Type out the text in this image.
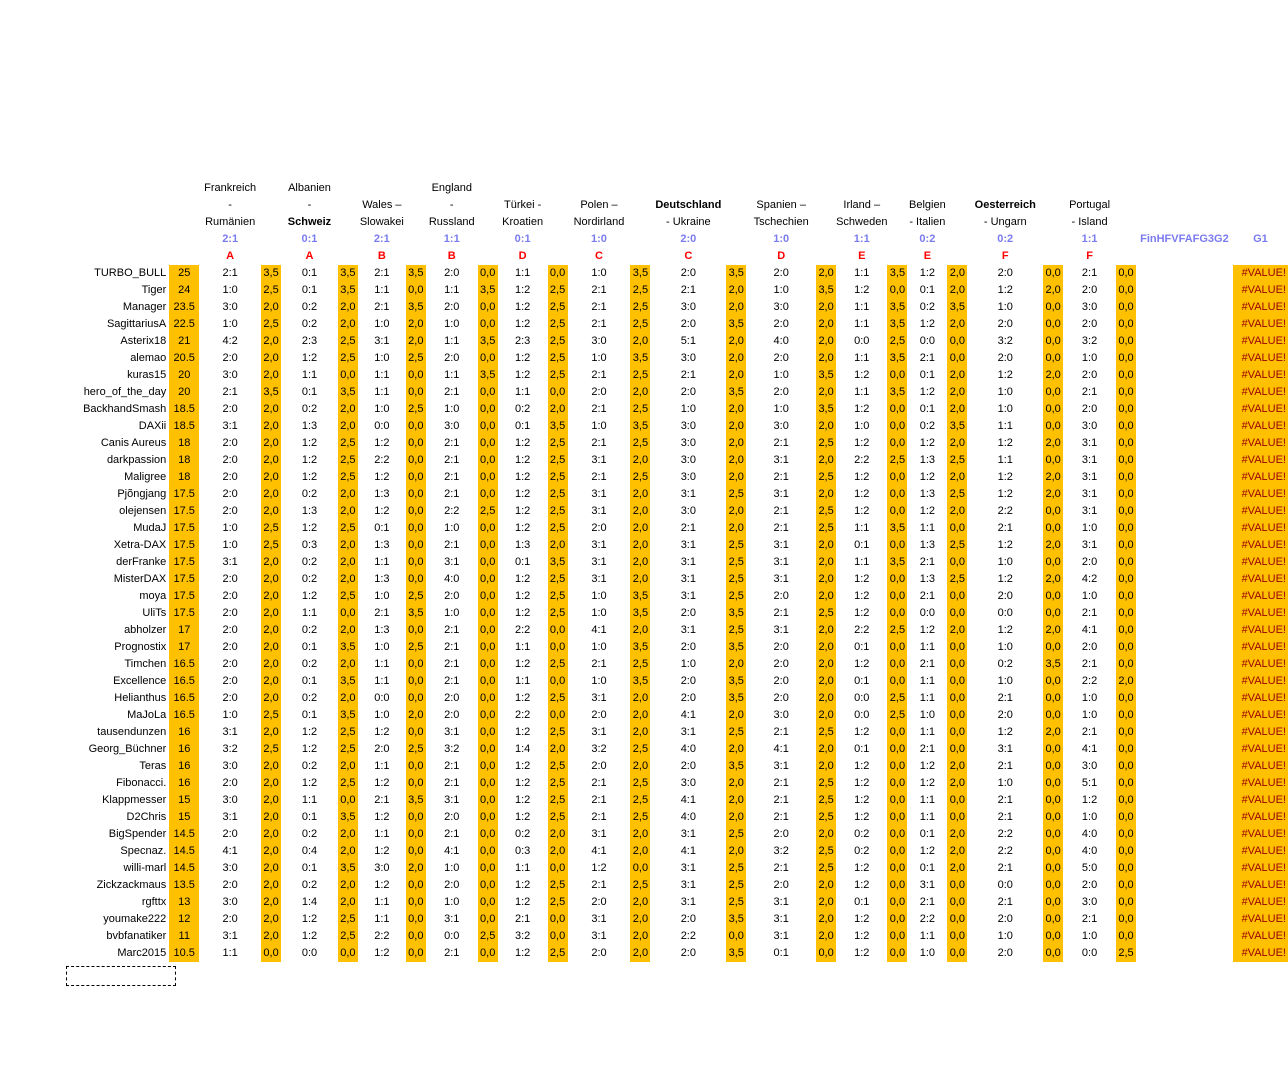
		Frankreich		Albanien				England																			
		-		-		Wales –		-		Türkei -		Polen –		Deutschland		Spanien –		Irland –		Belgien		Oesterreich		Portugal			
		Rumänien		Schweiz		Slowakei		Russland		Kroatien		Nordirland		- Ukraine		Tschechien		Schweden		- Italien		- Ungarn		- Island			
		2:1		0:1		2:1		1:1		0:1		1:0		2:0		1:0		1:1		0:2		0:2		1:1		FinHFVFAFG3G2	G1
		A		A		B		B		D		C		C		D		E		E		F		F			
TURBO_BULL	25	2:1	3,5	0:1	3,5	2:1	3,5	2:0	0,0	1:1	0,0	1:0	3,5	2:0	3,5	2:0	2,0	1:1	3,5	1:2	2,0	2:0	0,0	2:1	0,0		#VALUE!
Tiger	24	1:0	2,5	0:1	3,5	1:1	0,0	1:1	3,5	1:2	2,5	2:1	2,5	2:1	2,0	1:0	3,5	1:2	0,0	0:1	2,0	1:2	2,0	2:0	0,0		#VALUE!
Manager	23.5	3:0	2,0	0:2	2,0	2:1	3,5	2:0	0,0	1:2	2,5	2:1	2,5	3:0	2,0	3:0	2,0	1:1	3,5	0:2	3,5	1:0	0,0	3:0	0,0		#VALUE!
SagittariusA	22.5	1:0	2,5	0:2	2,0	1:0	2,0	1:0	0,0	1:2	2,5	2:1	2,5	2:0	3,5	2:0	2,0	1:1	3,5	1:2	2,0	2:0	0,0	2:0	0,0		#VALUE!
Asterix18	21	4:2	2,0	2:3	2,5	3:1	2,0	1:1	3,5	2:3	2,5	3:0	2,0	5:1	2,0	4:0	2,0	0:0	2,5	0:0	0,0	3:2	0,0	3:2	0,0		#VALUE!
alemao	20.5	2:0	2,0	1:2	2,5	1:0	2,5	2:0	0,0	1:2	2,5	1:0	3,5	3:0	2,0	2:0	2,0	1:1	3,5	2:1	0,0	2:0	0,0	1:0	0,0		#VALUE!
kuras15	20	3:0	2,0	1:1	0,0	1:1	0,0	1:1	3,5	1:2	2,5	2:1	2,5	2:1	2,0	1:0	3,5	1:2	0,0	0:1	2,0	1:2	2,0	2:0	0,0		#VALUE!
hero_of_the_day	20	2:1	3,5	0:1	3,5	1:1	0,0	2:1	0,0	1:1	0,0	2:0	2,0	2:0	3,5	2:0	2,0	1:1	3,5	1:2	2,0	1:0	0,0	2:1	0,0		#VALUE!
BackhandSmash	18.5	2:0	2,0	0:2	2,0	1:0	2,5	1:0	0,0	0:2	2,0	2:1	2,5	1:0	2,0	1:0	3,5	1:2	0,0	0:1	2,0	1:0	0,0	2:0	0,0		#VALUE!
DAXii	18.5	3:1	2,0	1:3	2,0	0:0	0,0	3:0	0,0	0:1	3,5	1:0	3,5	3:0	2,0	3:0	2,0	1:0	0,0	0:2	3,5	1:1	0,0	3:0	0,0		#VALUE!
Canis Aureus	18	2:0	2,0	1:2	2,5	1:2	0,0	2:1	0,0	1:2	2,5	2:1	2,5	3:0	2,0	2:1	2,5	1:2	0,0	1:2	2,0	1:2	2,0	3:1	0,0		#VALUE!
darkpassion	18	2:0	2,0	1:2	2,5	2:2	0,0	2:1	0,0	1:2	2,5	3:1	2,0	3:0	2,0	3:1	2,0	2:2	2,5	1:3	2,5	1:1	0,0	3:1	0,0		#VALUE!
Maligree	18	2:0	2,0	1:2	2,5	1:2	0,0	2:1	0,0	1:2	2,5	2:1	2,5	3:0	2,0	2:1	2,5	1:2	0,0	1:2	2,0	1:2	2,0	3:1	0,0		#VALUE!
Pjõngjang	17.5	2:0	2,0	0:2	2,0	1:3	0,0	2:1	0,0	1:2	2,5	3:1	2,0	3:1	2,5	3:1	2,0	1:2	0,0	1:3	2,5	1:2	2,0	3:1	0,0		#VALUE!
olejensen	17.5	2:0	2,0	1:3	2,0	1:2	0,0	2:2	2,5	1:2	2,5	3:1	2,0	3:0	2,0	2:1	2,5	1:2	0,0	1:2	2,0	2:2	0,0	3:1	0,0		#VALUE!
MudaJ	17.5	1:0	2,5	1:2	2,5	0:1	0,0	1:0	0,0	1:2	2,5	2:0	2,0	2:1	2,0	2:1	2,5	1:1	3,5	1:1	0,0	2:1	0,0	1:0	0,0		#VALUE!
Xetra-DAX	17.5	1:0	2,5	0:3	2,0	1:3	0,0	2:1	0,0	1:3	2,0	3:1	2,0	3:1	2,5	3:1	2,0	0:1	0,0	1:3	2,5	1:2	2,0	3:1	0,0		#VALUE!
derFranke	17.5	3:1	2,0	0:2	2,0	1:1	0,0	3:1	0,0	0:1	3,5	3:1	2,0	3:1	2,5	3:1	2,0	1:1	3,5	2:1	0,0	1:0	0,0	2:0	0,0		#VALUE!
MisterDAX	17.5	2:0	2,0	0:2	2,0	1:3	0,0	4:0	0,0	1:2	2,5	3:1	2,0	3:1	2,5	3:1	2,0	1:2	0,0	1:3	2,5	1:2	2,0	4:2	0,0		#VALUE!
moya	17.5	2:0	2,0	1:2	2,5	1:0	2,5	2:0	0,0	1:2	2,5	1:0	3,5	3:1	2,5	2:0	2,0	1:2	0,0	2:1	0,0	2:0	0,0	1:0	0,0		#VALUE!
UliTs	17.5	2:0	2,0	1:1	0,0	2:1	3,5	1:0	0,0	1:2	2,5	1:0	3,5	2:0	3,5	2:1	2,5	1:2	0,0	0:0	0,0	0:0	0,0	2:1	0,0		#VALUE!
abholzer	17	2:0	2,0	0:2	2,0	1:3	0,0	2:1	0,0	2:2	0,0	4:1	2,0	3:1	2,5	3:1	2,0	2:2	2,5	1:2	2,0	1:2	2,0	4:1	0,0		#VALUE!
Prognostix	17	2:0	2,0	0:1	3,5	1:0	2,5	2:1	0,0	1:1	0,0	1:0	3,5	2:0	3,5	2:0	2,0	0:1	0,0	1:1	0,0	1:0	0,0	2:0	0,0		#VALUE!
Timchen	16.5	2:0	2,0	0:2	2,0	1:1	0,0	2:1	0,0	1:2	2,5	2:1	2,5	1:0	2,0	2:0	2,0	1:2	0,0	2:1	0,0	0:2	3,5	2:1	0,0		#VALUE!
Excellence	16.5	2:0	2,0	0:1	3,5	1:1	0,0	2:1	0,0	1:1	0,0	1:0	3,5	2:0	3,5	2:0	2,0	0:1	0,0	1:1	0,0	1:0	0,0	2:2	2,0		#VALUE!
Helianthus	16.5	2:0	2,0	0:2	2,0	0:0	0,0	2:0	0,0	1:2	2,5	3:1	2,0	2:0	3,5	2:0	2,0	0:0	2,5	1:1	0,0	2:1	0,0	1:0	0,0		#VALUE!
MaJoLa	16.5	1:0	2,5	0:1	3,5	1:0	2,0	2:0	0,0	2:2	0,0	2:0	2,0	4:1	2,0	3:0	2,0	0:0	2,5	1:0	0,0	2:0	0,0	1:0	0,0		#VALUE!
tausendunzen	16	3:1	2,0	1:2	2,5	1:2	0,0	3:1	0,0	1:2	2,5	3:1	2,0	3:1	2,5	2:1	2,5	1:2	0,0	1:1	0,0	1:2	2,0	2:1	0,0		#VALUE!
Georg_Büchner	16	3:2	2,5	1:2	2,5	2:0	2,5	3:2	0,0	1:4	2,0	3:2	2,5	4:0	2,0	4:1	2,0	0:1	0,0	2:1	0,0	3:1	0,0	4:1	0,0		#VALUE!
Teras	16	3:0	2,0	0:2	2,0	1:1	0,0	2:1	0,0	1:2	2,5	2:0	2,0	2:0	3,5	3:1	2,0	1:2	0,0	1:2	2,0	2:1	0,0	3:0	0,0		#VALUE!
Fibonacci.	16	2:0	2,0	1:2	2,5	1:2	0,0	2:1	0,0	1:2	2,5	2:1	2,5	3:0	2,0	2:1	2,5	1:2	0,0	1:2	2,0	1:0	0,0	5:1	0,0		#VALUE!
Klappmesser	15	3:0	2,0	1:1	0,0	2:1	3,5	3:1	0,0	1:2	2,5	2:1	2,5	4:1	2,0	2:1	2,5	1:2	0,0	1:1	0,0	2:1	0,0	1:2	0,0		#VALUE!
D2Chris	15	3:1	2,0	0:1	3,5	1:2	0,0	2:0	0,0	1:2	2,5	2:1	2,5	4:0	2,0	2:1	2,5	1:2	0,0	1:1	0,0	2:1	0,0	1:0	0,0		#VALUE!
BigSpender	14.5	2:0	2,0	0:2	2,0	1:1	0,0	2:1	0,0	0:2	2,0	3:1	2,0	3:1	2,5	2:0	2,0	0:2	0,0	0:1	2,0	2:2	0,0	4:0	0,0		#VALUE!
Specnaz.	14.5	4:1	2,0	0:4	2,0	1:2	0,0	4:1	0,0	0:3	2,0	4:1	2,0	4:1	2,0	3:2	2,5	0:2	0,0	1:2	2,0	2:2	0,0	4:0	0,0		#VALUE!
willi-marl	14.5	3:0	2,0	0:1	3,5	3:0	2,0	1:0	0,0	1:1	0,0	1:2	0,0	3:1	2,5	2:1	2,5	1:2	0,0	0:1	2,0	2:1	0,0	5:0	0,0		#VALUE!
Zickzackmaus	13.5	2:0	2,0	0:2	2,0	1:2	0,0	2:0	0,0	1:2	2,5	2:1	2,5	3:1	2,5	2:0	2,0	1:2	0,0	3:1	0,0	0:0	0,0	2:0	0,0		#VALUE!
rgfttx	13	3:0	2,0	1:4	2,0	1:1	0,0	1:0	0,0	1:2	2,5	2:0	2,0	3:1	2,5	3:1	2,0	0:1	0,0	2:1	0,0	2:1	0,0	3:0	0,0		#VALUE!
youmake222	12	2:0	2,0	1:2	2,5	1:1	0,0	3:1	0,0	2:1	0,0	3:1	2,0	2:0	3,5	3:1	2,0	1:2	0,0	2:2	0,0	2:0	0,0	2:1	0,0		#VALUE!
bvbfanatiker	11	3:1	2,0	1:2	2,5	2:2	0,0	0:0	2,5	3:2	0,0	3:1	2,0	2:2	0,0	3:1	2,0	1:2	0,0	1:1	0,0	1:0	0,0	1:0	0,0		#VALUE!
Marc2015	10.5	1:1	0,0	0:0	0,0	1:2	0,0	2:1	0,0	1:2	2,5	2:0	2,0	2:0	3,5	0:1	0,0	1:2	0,0	1:0	0,0	2:0	0,0	0:0	2,5		#VALUE!
